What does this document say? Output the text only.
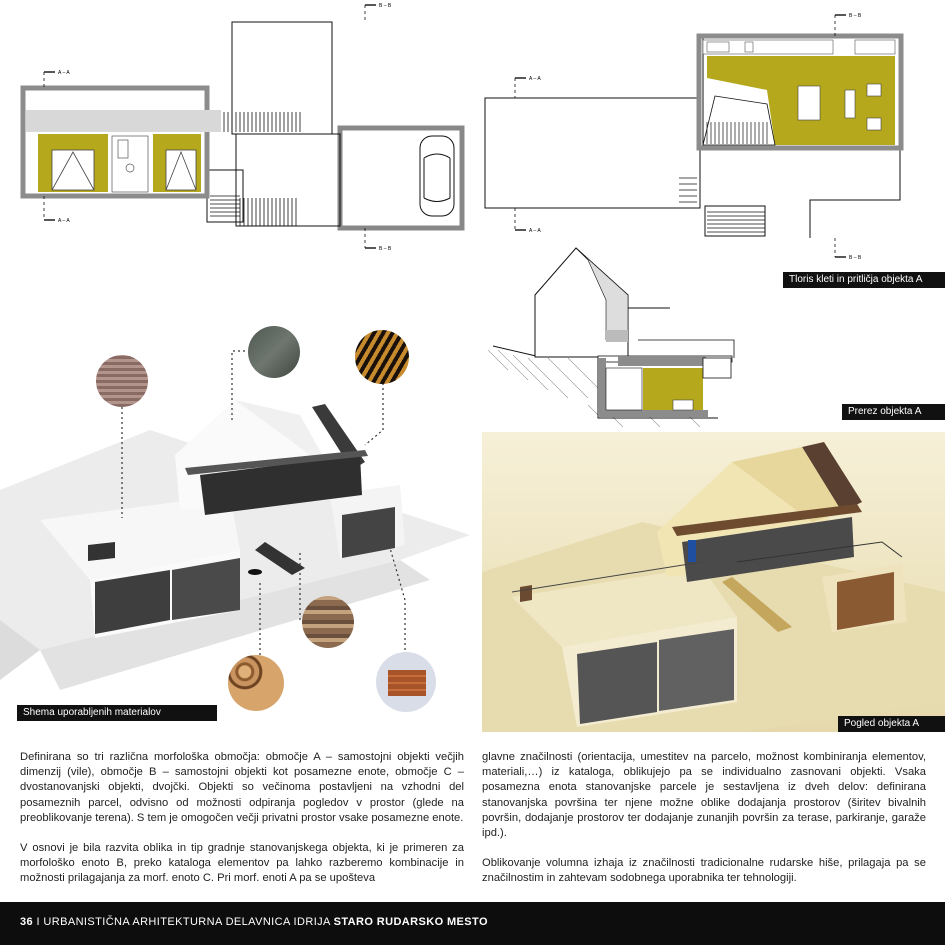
A – A
A – A
B – B
B – B
A – A
A – A
B – B
B – B
Tloris kleti in pritličja objekta A
Prerez objekta A
Shema uporabljenih materialov
Pogled objekta A

Definirana so tri različna morfološka območja: območje A – samostojni objekti večjih dimenzij (vile), območje B – samostojni objekti kot posamezne enote, območje C – dvostanovanjski objekti, dvojčki. Objekti so večinoma postavljeni na vzhodni del posameznih parcel, odvisno od možnosti odpiranja pogledov v prostor (glede na preoblikovanje terena). S tem je omogočen večji privatni prostor vsake posamezne enote.

V osnovi je bila razvita oblika in tip gradnje stanovanjskega objekta, ki je primeren za morfološko enoto B, preko kataloga elementov pa lahko razberemo kombinacije in možnosti prilagajanja za morf. enoto C. Pri morf. enoti A pa se upošteva

glavne značilnosti (orientacija, umestitev na parcelo, možnost kombiniranja elementov, materiali,…) iz kataloga, oblikujejo pa se individualno zasnovani objekti. Vsaka posamezna enota stanovanjske parcele je sestavljena iz dveh delov: definirana stanovanjska površina ter njene možne oblike dodajanja prostorov (širitev bivalnih površin, dodajanje prostorov ter dodajanje zunanjih površin za terase, parkiranje, garaže ipd.).

Oblikovanje volumna izhaja iz značilnosti tradicionalne rudarske hiše, prilagaja pa se značilnostim in zahtevam sodobnega uporabnika ter tehnologiji.

36 I URBANISTIČNA ARHITEKTURNA DELAVNICA IDRIJA STARO RUDARSKO MESTO
